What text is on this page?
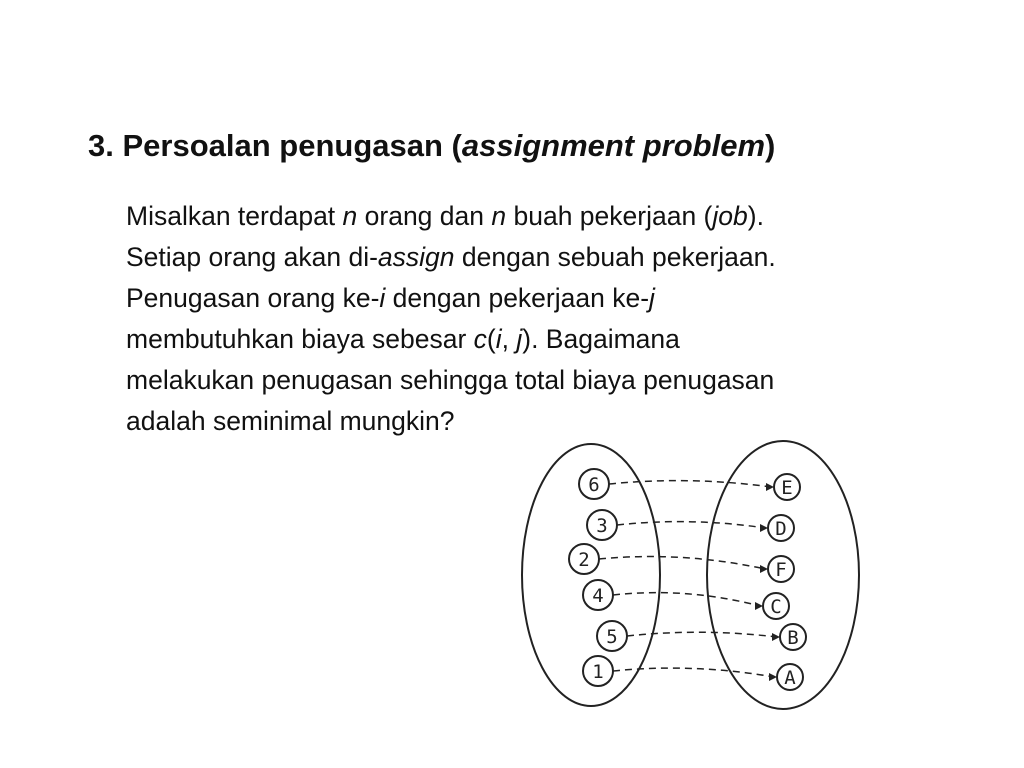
3. Persoalan penugasan (assignment problem)
Misalkan terdapat n orang dan n buah pekerjaan (job).
Setiap orang akan di-assign dengan sebuah pekerjaan.
Penugasan orang ke-i dengan pekerjaan ke-j
membutuhkan biaya sebesar c(i, j). Bagaimana
melakukan penugasan sehingga total biaya penugasan
adalah seminimal mungkin?
6
3
2
4
5
1
E
D
F
C
B
A
